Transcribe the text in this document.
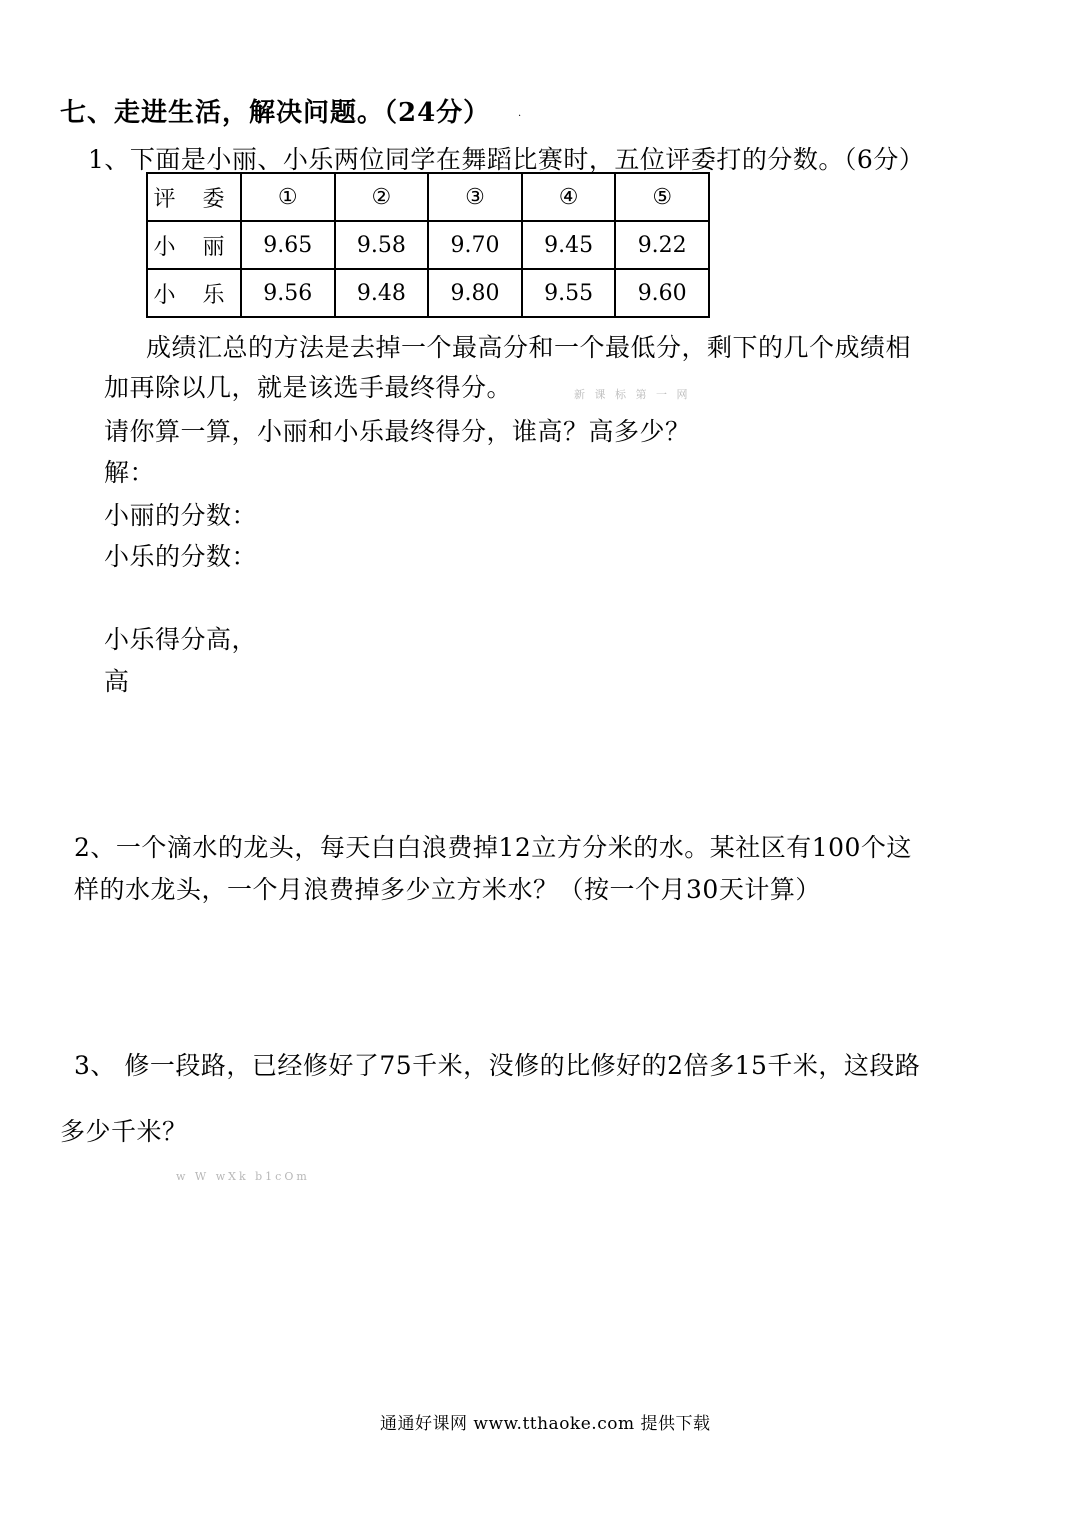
七、走进生活，解决问题。（24分）	.
1、下面是小丽、小乐两位同学在舞蹈比赛时，五位评委打的分数。（6分）
评 委	①	②	③	④	⑤
小 丽	9.65	9.58	9.70	9.45	9.22
小 乐	9.56	9.48	9.80	9.55	9.60
成绩汇总的方法是去掉一个最高分和一个最低分，剩下的几个成绩相
加再除以几，就是该选手最终得分。	新 课 标 第 一 网
请你算一算，小丽和小乐最终得分，谁高？高多少？
解：
小丽的分数：
小乐的分数：
小乐得分高，
高
2、一个滴水的龙头，每天白白浪费掉12立方分米的水。某社区有100个这
样的水龙头，一个月浪费掉多少立方米水？（按一个月30天计算）
3、 修一段路，已经修好了75千米，没修的比修好的2倍多15千米，这段路
多少千米？
w W wXk b1cOm
通通好课网 www.tthaoke.com 提供下载
